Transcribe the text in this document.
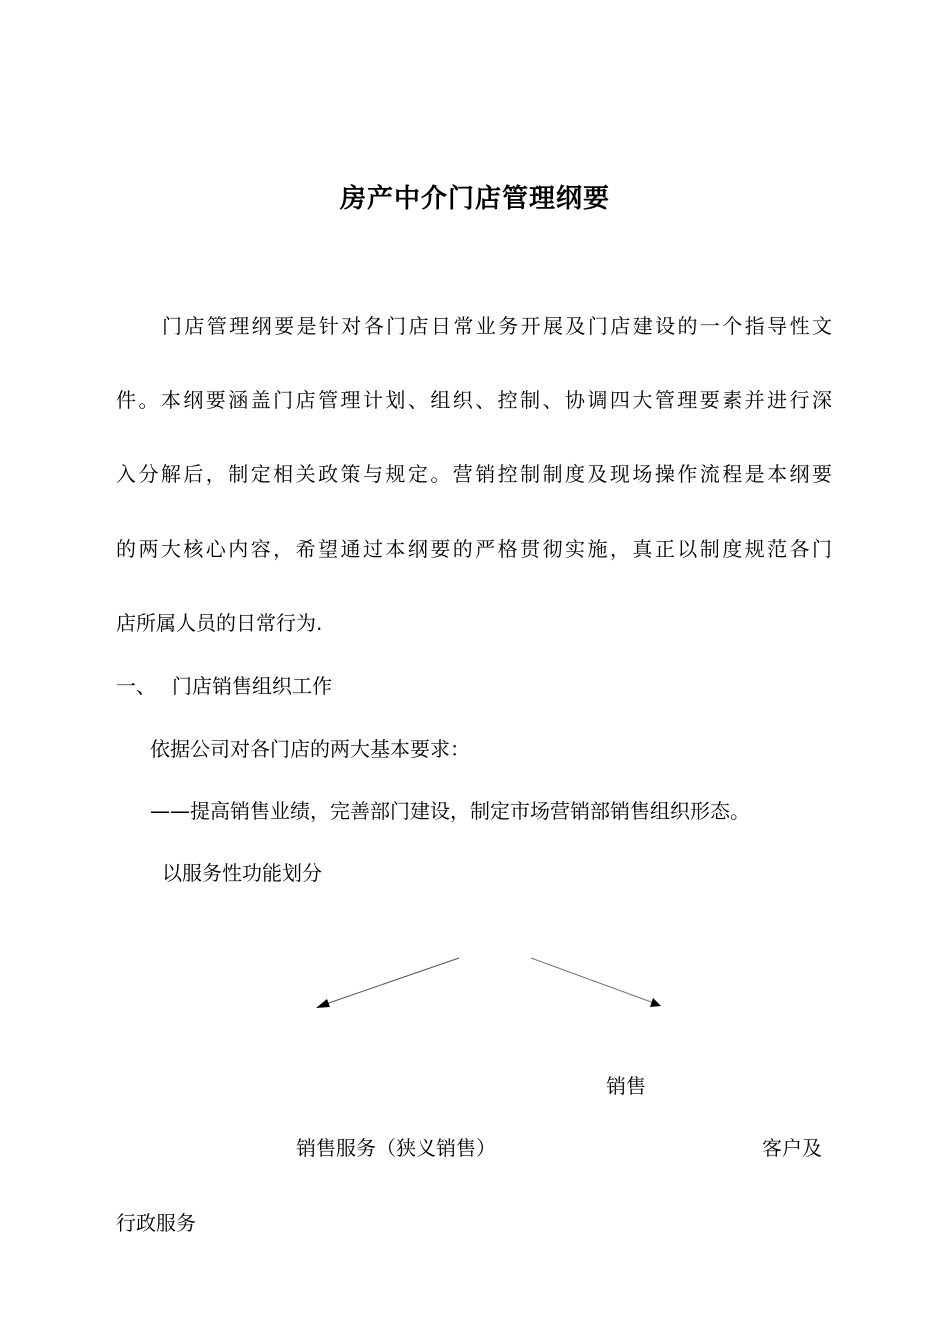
房产中介门店管理纲要
门店管理纲要是针对各门店日常业务开展及门店建设的一个指导性文
件。本纲要涵盖门店管理计划、组织、控制、协调四大管理要素并进行深
入分解后，制定相关政策与规定。营销控制制度及现场操作流程是本纲要
的两大核心内容，希望通过本纲要的严格贯彻实施，真正以制度规范各门
店所属人员的日常行为.
一、 门店销售组织工作
依据公司对各门店的两大基本要求：
——提高销售业绩，完善部门建设，制定市场营销部销售组织形态。
以服务性功能划分
销售
销售服务（狭义销售）	客户及
行政服务
